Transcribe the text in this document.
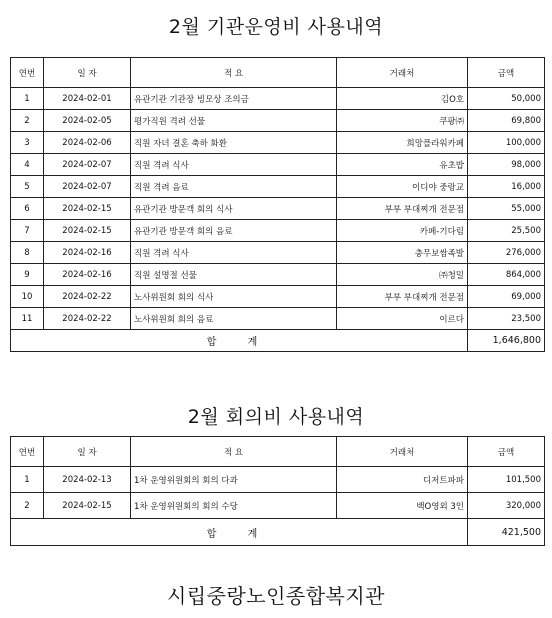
2월 기관운영비 사용내역
연번	일 자	적 요	거래처	금액
1	2024-02-01	유관기관 기관장 빙모상 조의금	김O호	50,000
2	2024-02-05	평가직원 격려 선물	쿠팡㈜	69,800
3	2024-02-06	직원 자녀 결혼 축하 화환	희망플라워카페	100,000
4	2024-02-07	직원 격려 식사	유초밥	98,000
5	2024-02-07	직원 격려 음료	이디야 중랑교	16,000
6	2024-02-15	유관기관 방문객 회의 식사	부부 부대찌개 전문점	55,000
7	2024-02-15	유관기관 방문객 회의 음료	카페-기다림	25,500
8	2024-02-16	직원 격려 식사	충무보쌈족발	276,000
9	2024-02-16	직원 설명절 선물	㈜청밀	864,000
10	2024-02-22	노사위원회 회의 식사	부부 부대찌개 전문점	69,000
11	2024-02-22	노사위원회 회의 음료	이르다	23,500
합 계				1,646,800
2월 회의비 사용내역
연번	일 자	적 요	거래처	금액
1	2024-02-13	1차 운영위원회의 회의 다과	디저트파파	101,500
2	2024-02-15	1차 운영위원회의 회의 수당	백O영외 3인	320,000
합 계				421,500
시립중랑노인종합복지관
